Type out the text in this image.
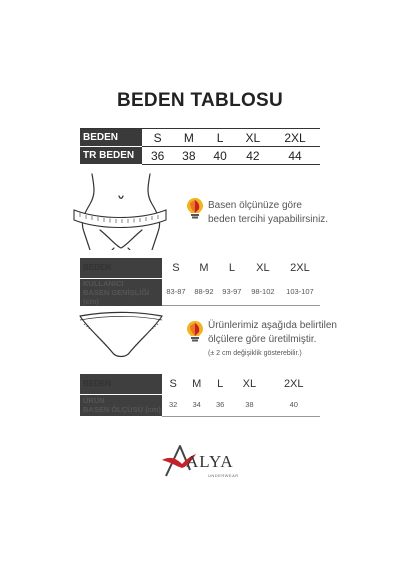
BEDEN TABLOSU
BEDEN	S	M	L	XL	2XL
TR BEDEN	36	38	40	42	44
Basen ölçünüze göre
beden tercihi yapabilirsiniz.
BEDEN	S	M	L	XL	2XL

KULLANICI
BASEN GENİŞLİĞİ (cm)	83-87	88-92	93-97	98-102	103-107
Ürünlerimiz aşağıda belirtilen
ölçülere göre üretilmiştir.
(± 2 cm değişiklik gösterebilir.)
BEDEN	S	M	L	XL	2XL

ÜRÜN
BASEN ÖLÇÜSÜ (cm)	32	34	36	38	40
ALYA
UNDERWEAR
